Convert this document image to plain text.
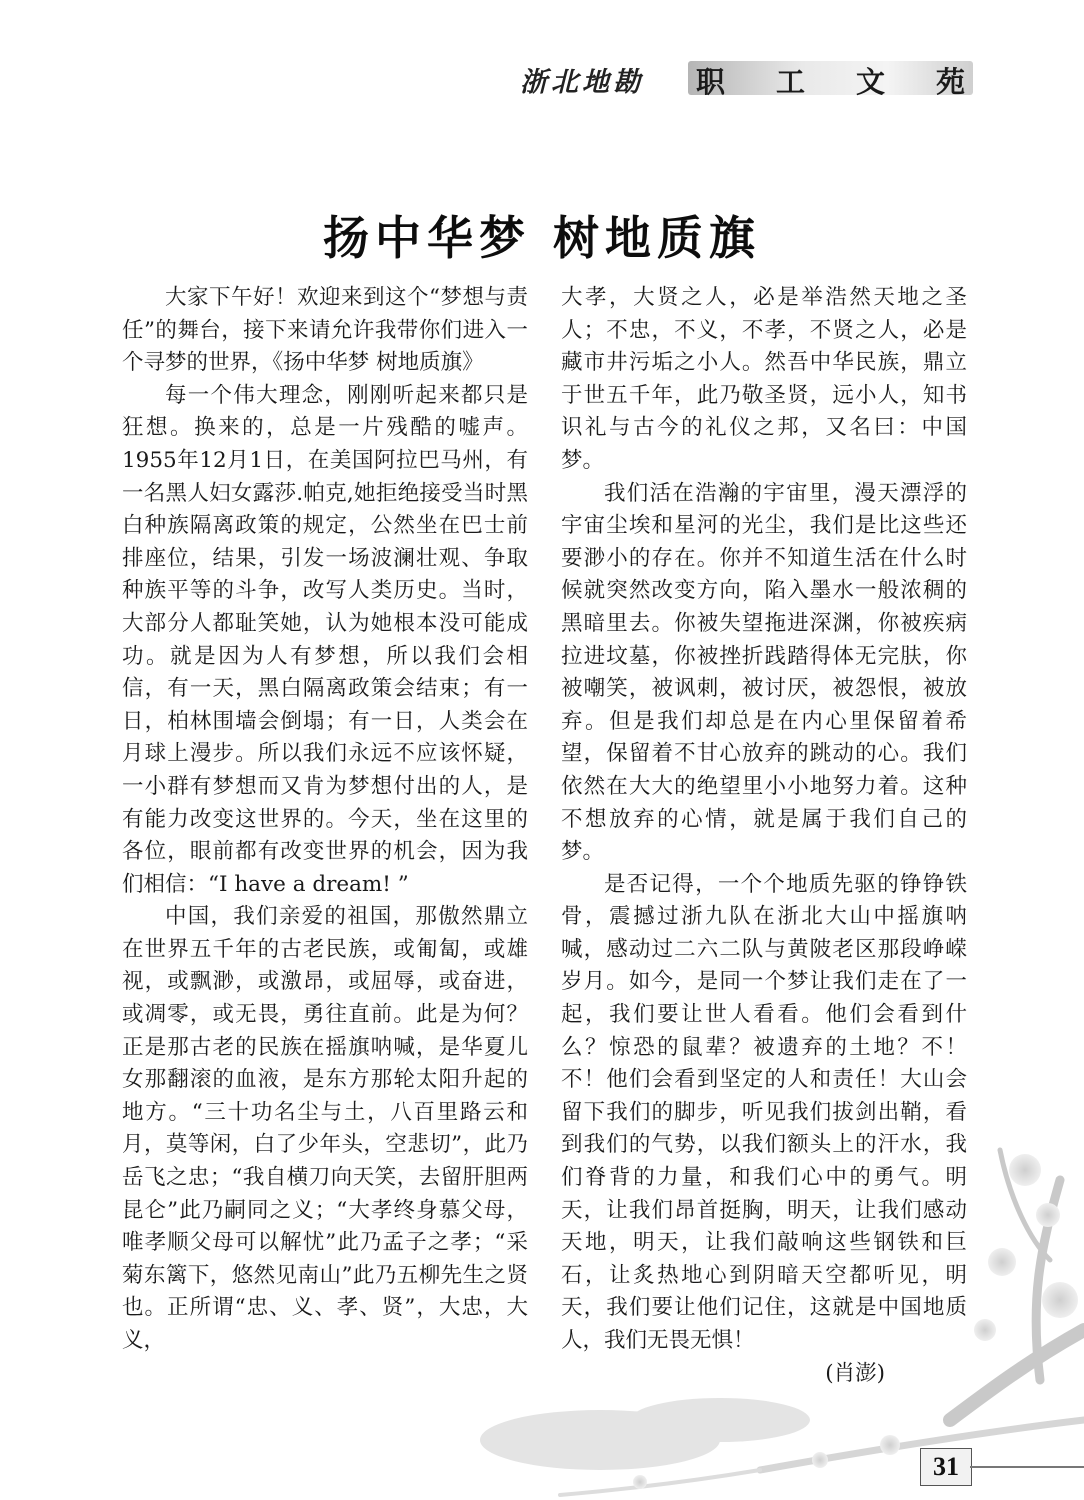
浙北地勘 职 工 文 苑
扬中华梦 树地质旗

大家下午好！欢迎来到这个“梦想与责任”的舞台，接下来请允许我带你们进入一个寻梦的世界，《扬中华梦 树地质旗》

每一个伟大理念，刚刚听起来都只是狂想。换来的，总是一片残酷的嘘声。1955年12月1日，在美国阿拉巴马州，有一名黑人妇女露莎.帕克,她拒绝接受当时黑白种族隔离政策的规定，公然坐在巴士前排座位，结果，引发一场波澜壮观、争取种族平等的斗争，改写人类历史。当时，大部分人都耻笑她，认为她根本没可能成功。就是因为人有梦想，所以我们会相信，有一天，黑白隔离政策会结束；有一日，柏林围墙会倒塌；有一日，人类会在月球上漫步。所以我们永远不应该怀疑，一小群有梦想而又肯为梦想付出的人，是有能力改变这世界的。今天，坐在这里的各位，眼前都有改变世界的机会，因为我们相信：“I have a dream! ”

中国，我们亲爱的祖国，那傲然鼎立在世界五千年的古老民族，或匍匐，或雄视，或飘渺，或激昂，或屈辱，或奋进，或凋零，或无畏，勇往直前。此是为何？正是那古老的民族在摇旗呐喊，是华夏儿女那翻滚的血液，是东方那轮太阳升起的地方。“三十功名尘与土，八百里路云和月，莫等闲，白了少年头，空悲切”，此乃岳飞之忠；“我自横刀向天笑，去留肝胆两昆仑”此乃嗣同之义；“大孝终身慕父母，唯孝顺父母可以解忧”此乃孟子之孝；“采菊东篱下，悠然见南山”此乃五柳先生之贤也。正所谓“忠、义、孝、贤”，大忠，大义，

大孝，大贤之人，必是举浩然天地之圣人；不忠，不义，不孝，不贤之人，必是藏市井污垢之小人。然吾中华民族，鼎立于世五千年，此乃敬圣贤，远小人，知书识礼与古今的礼仪之邦，又名曰：中国梦。

我们活在浩瀚的宇宙里，漫天漂浮的宇宙尘埃和星河的光尘，我们是比这些还要渺小的存在。你并不知道生活在什么时候就突然改变方向，陷入墨水一般浓稠的黑暗里去。你被失望拖进深渊，你被疾病拉进坟墓，你被挫折践踏得体无完肤，你被嘲笑，被讽刺，被讨厌，被怨恨，被放弃。但是我们却总是在内心里保留着希望，保留着不甘心放弃的跳动的心。我们依然在大大的绝望里小小地努力着。这种不想放弃的心情，就是属于我们自己的梦。

是否记得，一个个地质先驱的铮铮铁骨，震撼过浙九队在浙北大山中摇旗呐喊，感动过二六二队与黄陂老区那段峥嵘岁月。如今，是同一个梦让我们走在了一起，我们要让世人看看。他们会看到什么？惊恐的鼠辈？被遗弃的土地？不！不！他们会看到坚定的人和责任！大山会留下我们的脚步，听见我们拔剑出鞘，看到我们的气势，以我们额头上的汗水，我们脊背的力量，和我们心中的勇气。明天，让我们昂首挺胸，明天，让我们感动天地，明天，让我们敲响这些钢铁和巨石，让炙热地心到阴暗天空都听见，明天，我们要让他们记住，这就是中国地质人，我们无畏无惧！

(肖澎)

31
